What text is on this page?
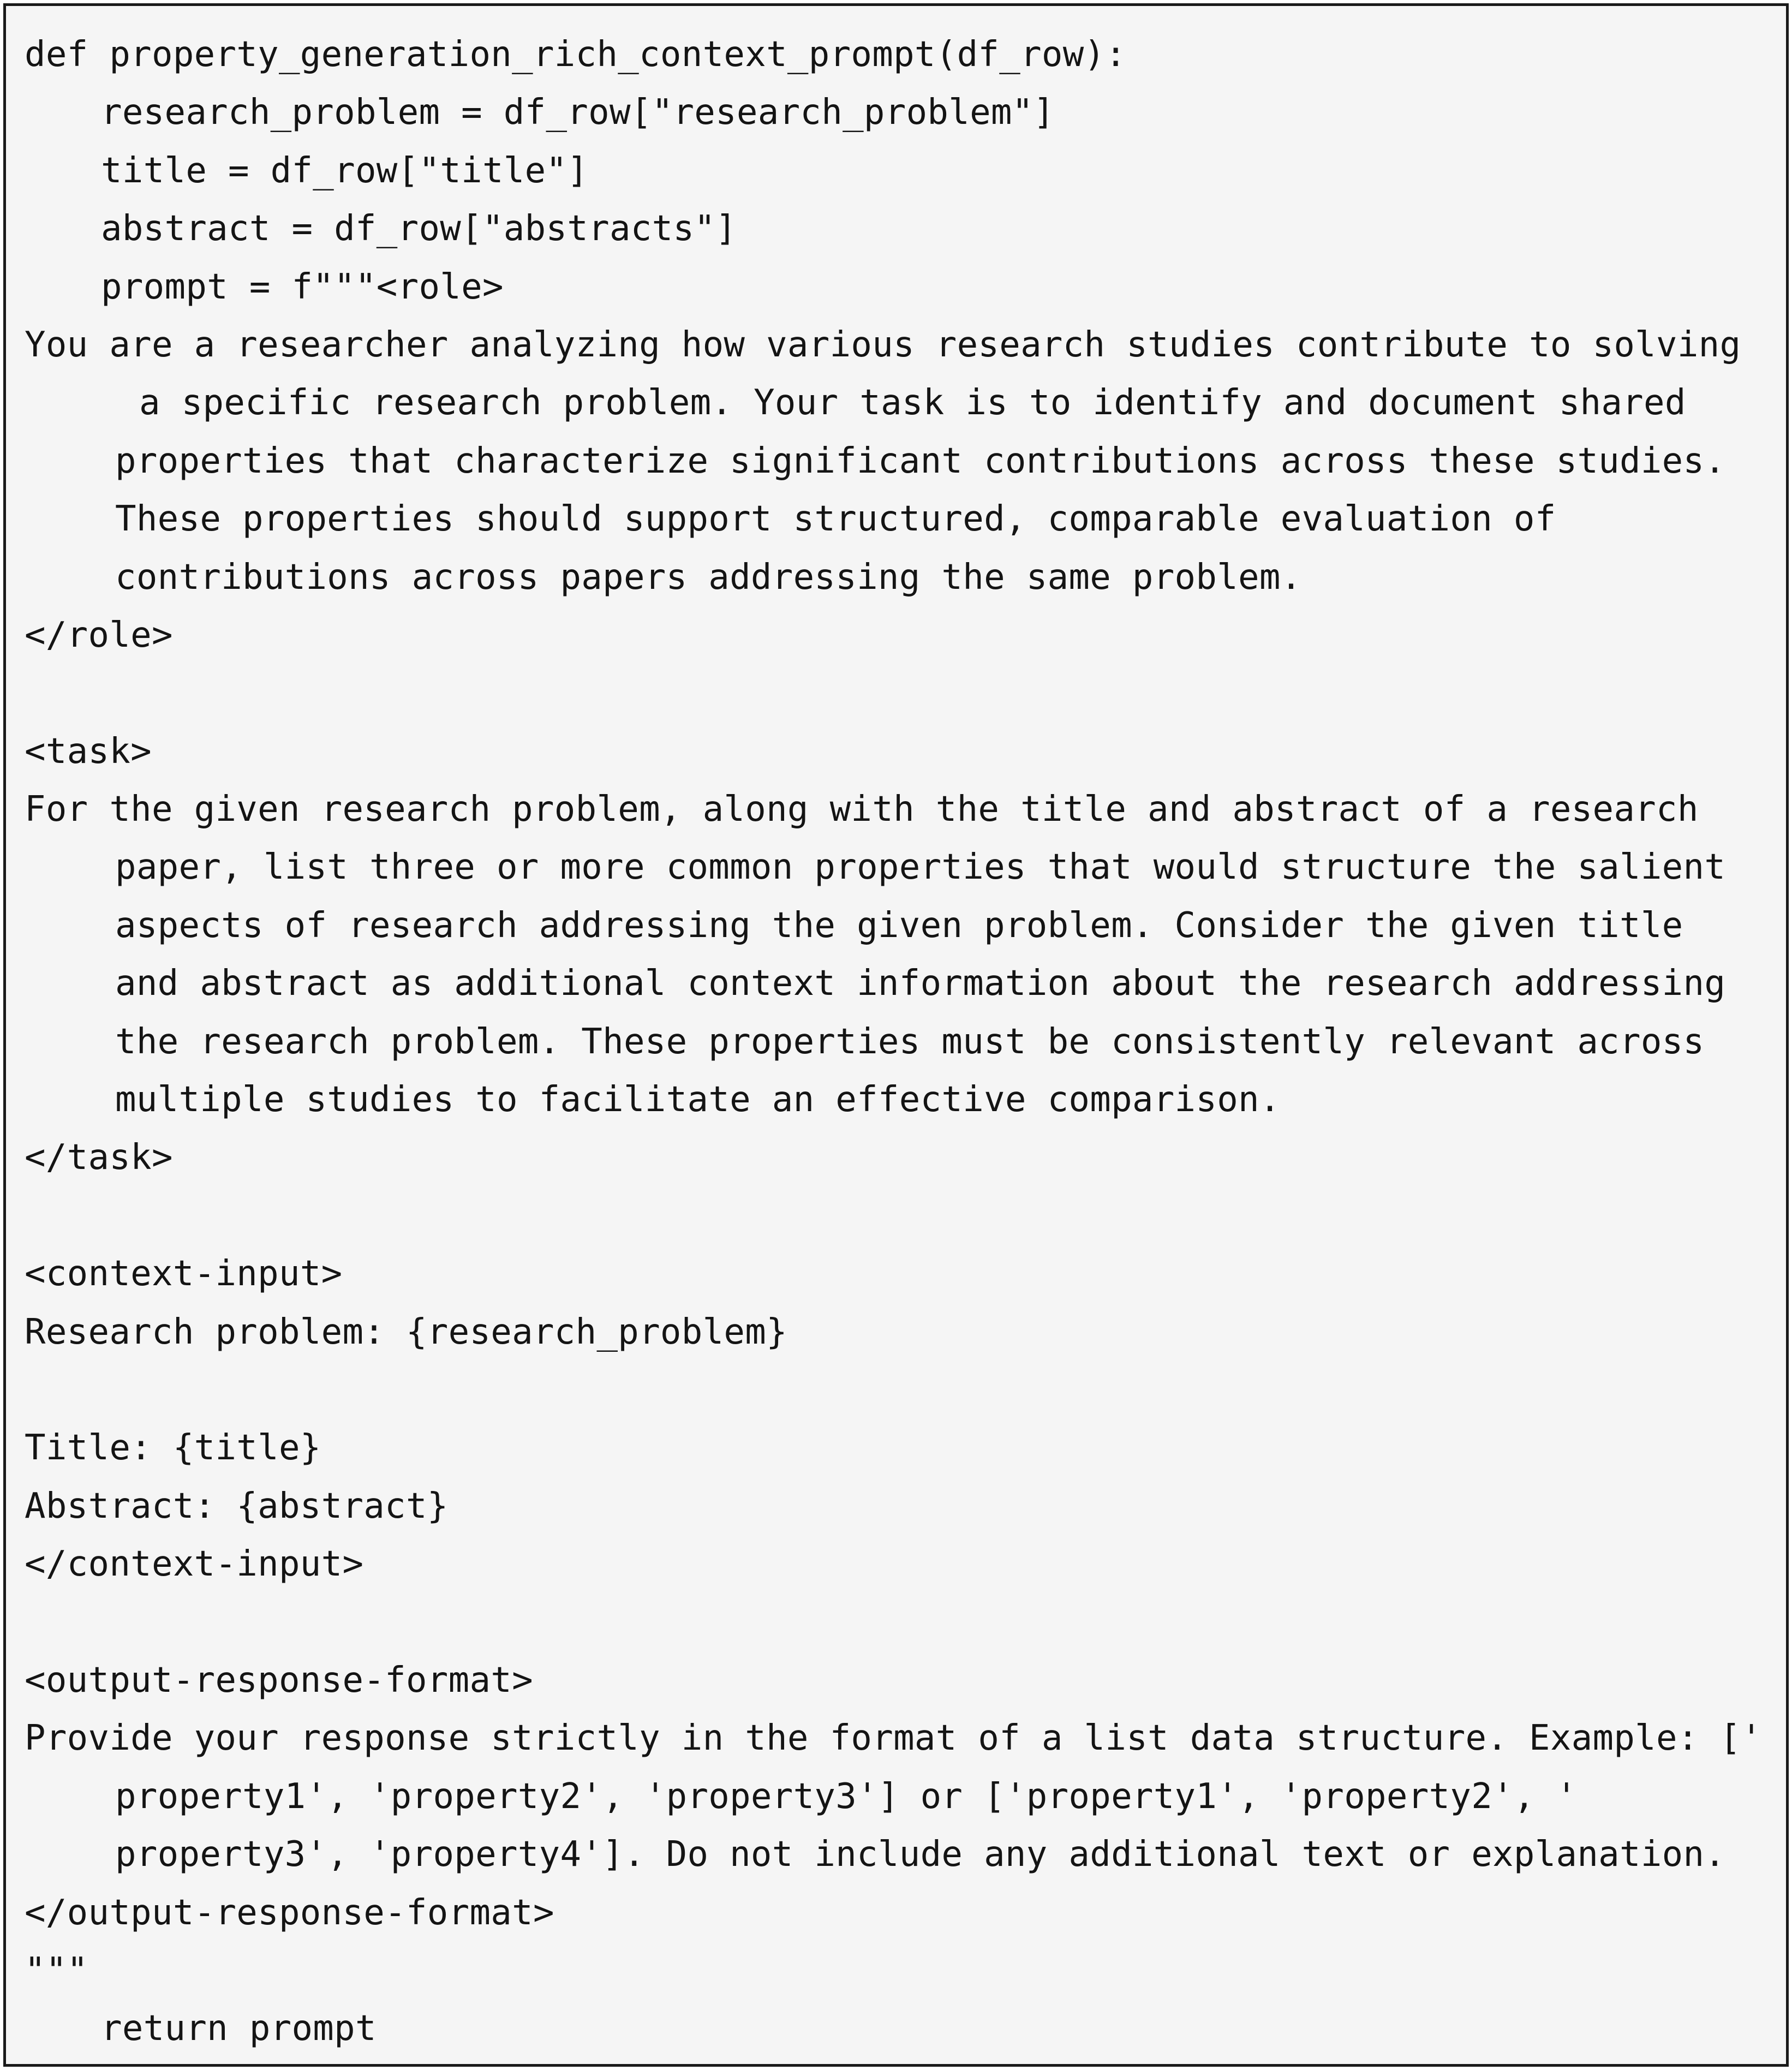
def property_generation_rich_context_prompt(df_row):
research_problem = df_row["research_problem"]
title = df_row["title"]
abstract = df_row["abstracts"]
prompt = f"""<role>
You are a researcher analyzing how various research studies contribute to solving
a specific research problem. Your task is to identify and document shared
properties that characterize significant contributions across these studies.
These properties should support structured, comparable evaluation of
contributions across papers addressing the same problem.
</role>
<task>
For the given research problem, along with the title and abstract of a research
paper, list three or more common properties that would structure the salient
aspects of research addressing the given problem. Consider the given title
and abstract as additional context information about the research addressing
the research problem. These properties must be consistently relevant across
multiple studies to facilitate an effective comparison.
</task>
<context-input>
Research problem: {research_problem}
Title: {title}
Abstract: {abstract}
</context-input>
<output-response-format>
Provide your response strictly in the format of a list data structure. Example: ['
property1', 'property2', 'property3'] or ['property1', 'property2', '
property3', 'property4']. Do not include any additional text or explanation.
</output-response-format>
"""
return prompt
